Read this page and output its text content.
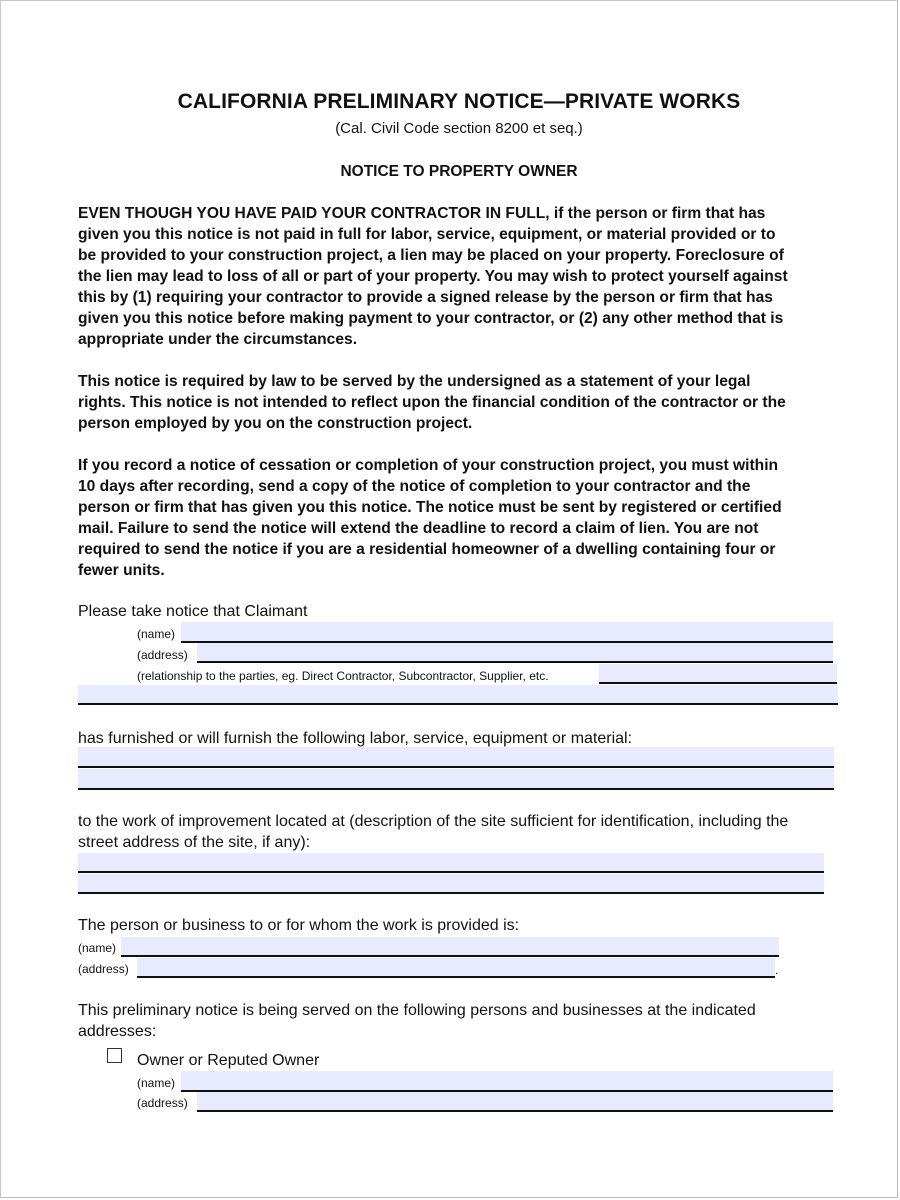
CALIFORNIA PRELIMINARY NOTICE—PRIVATE WORKS
(Cal. Civil Code section 8200 et seq.)
NOTICE TO PROPERTY OWNER
EVEN THOUGH YOU HAVE PAID YOUR CONTRACTOR IN FULL, if the person or firm that has
given you this notice is not paid in full for labor, service, equipment, or material provided or to
be provided to your construction project, a lien may be placed on your property. Foreclosure of
the lien may lead to loss of all or part of your property. You may wish to protect yourself against
this by (1) requiring your contractor to provide a signed release by the person or firm that has
given you this notice before making payment to your contractor, or (2) any other method that is
appropriate under the circumstances.
This notice is required by law to be served by the undersigned as a statement of your legal
rights. This notice is not intended to reflect upon the financial condition of the contractor or the
person employed by you on the construction project.
If you record a notice of cessation or completion of your construction project, you must within
10 days after recording, send a copy of the notice of completion to your contractor and the
person or firm that has given you this notice. The notice must be sent by registered or certified
mail. Failure to send the notice will extend the deadline to record a claim of lien. You are not
required to send the notice if you are a residential homeowner of a dwelling containing four or
fewer units.
Please take notice that Claimant
(name)
(address)
(relationship to the parties, eg. Direct Contractor, Subcontractor, Supplier, etc.
has furnished or will furnish the following labor, service, equipment or material:
to the work of improvement located at (description of the site sufficient for identification, including the
street address of the site, if any):
The person or business to or for whom the work is provided is:
(name)
(address)	.
This preliminary notice is being served on the following persons and businesses at the indicated
addresses:
Owner or Reputed Owner
(name)
(address)
